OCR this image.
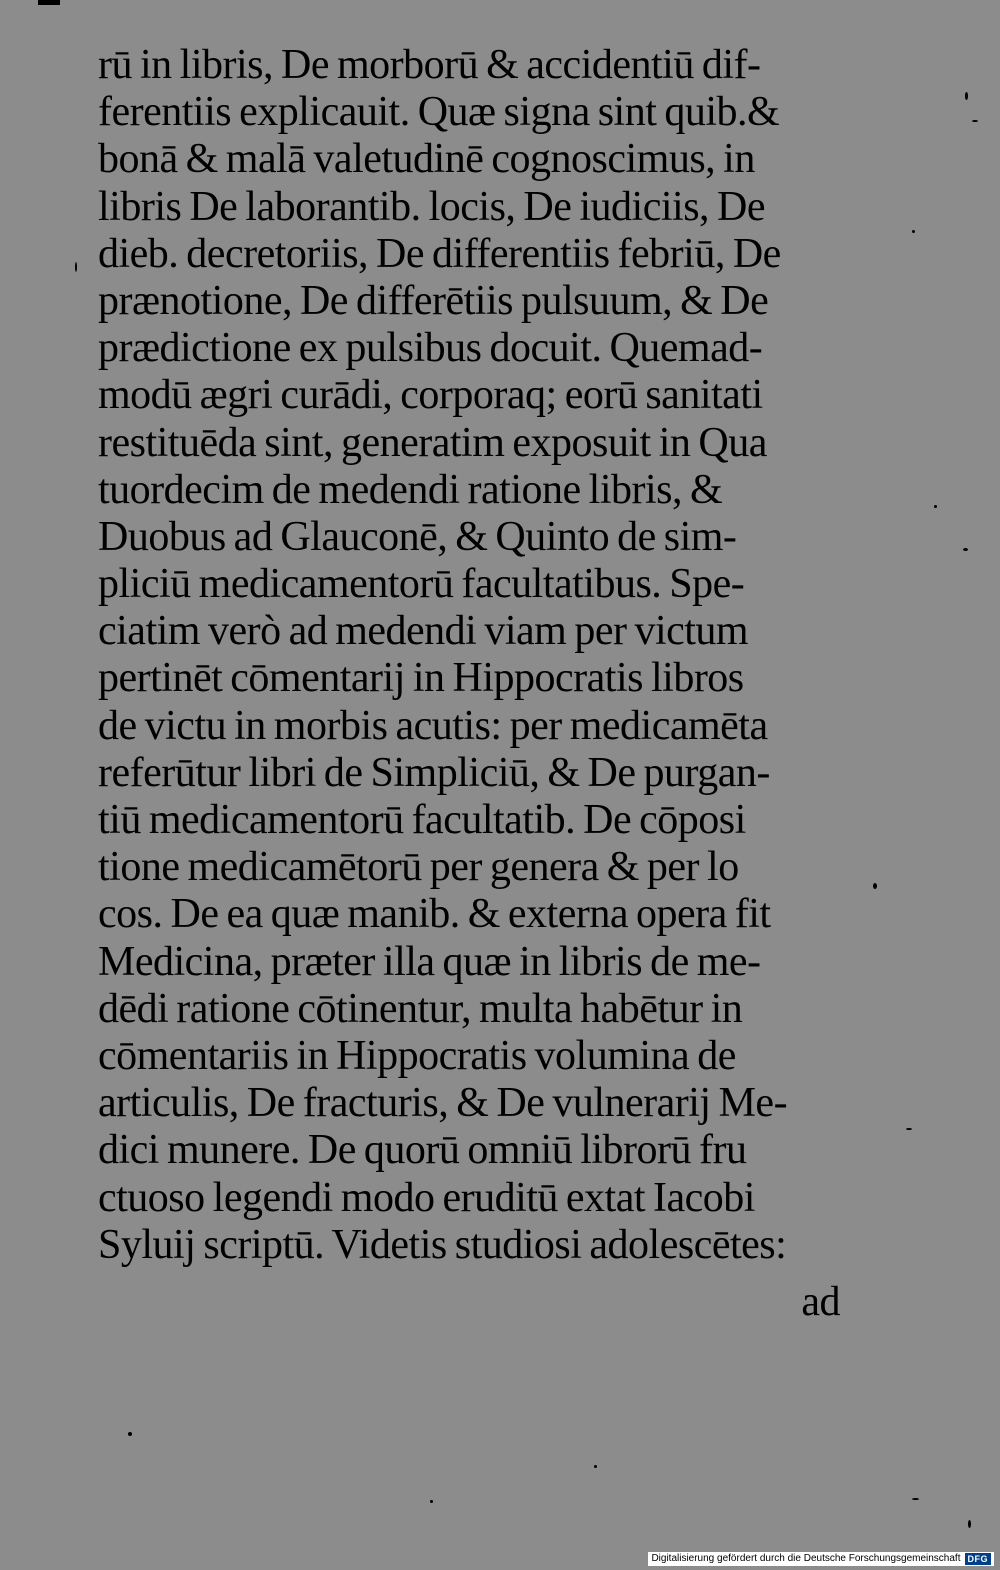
rū in libris, De morborū & accidentiū dif-
ferentiis explicauit. Quæ signa sint quib.&
bonā & malā valetudinē cognoscimus, in
libris De laborantib. locis, De iudiciis, De
dieb. decretoriis, De differentiis febriū, De
prænotione, De differētiis pulsuum, & De
prædictione ex pulsibus docuit. Quemad-
modū ægri curādi, corporaq; eorū sanitati
restituēda sint, generatim exposuit in Qua
tuordecim de medendi ratione libris, &
Duobus ad Glauconē, & Quinto de sim-
pliciū medicamentorū facultatibus. Spe-
ciatim verò ad medendi viam per victum
pertinēt cōmentarij in Hippocratis libros
de victu in morbis acutis: per medicamēta
referūtur libri de Simpliciū, & De purgan-
tiū medicamentorū facultatib. De cōposi
tione medicamētorū per genera & per lo
cos. De ea quæ manib. & externa opera fit
Medicina, præter illa quæ in libris de me-
dēdi ratione cōtinentur, multa habētur in
cōmentariis in Hippocratis volumina de
articulis, De fracturis, & De vulnerarij Me-
dici munere. De quorū omniū librorū fru
ctuoso legendi modo eruditū extat Iacobi
Syluij scriptū. Videtis studiosi adolescētes:
ad
Digitalisierung gefördert durch die Deutsche Forschungsgemeinschaft DFG
